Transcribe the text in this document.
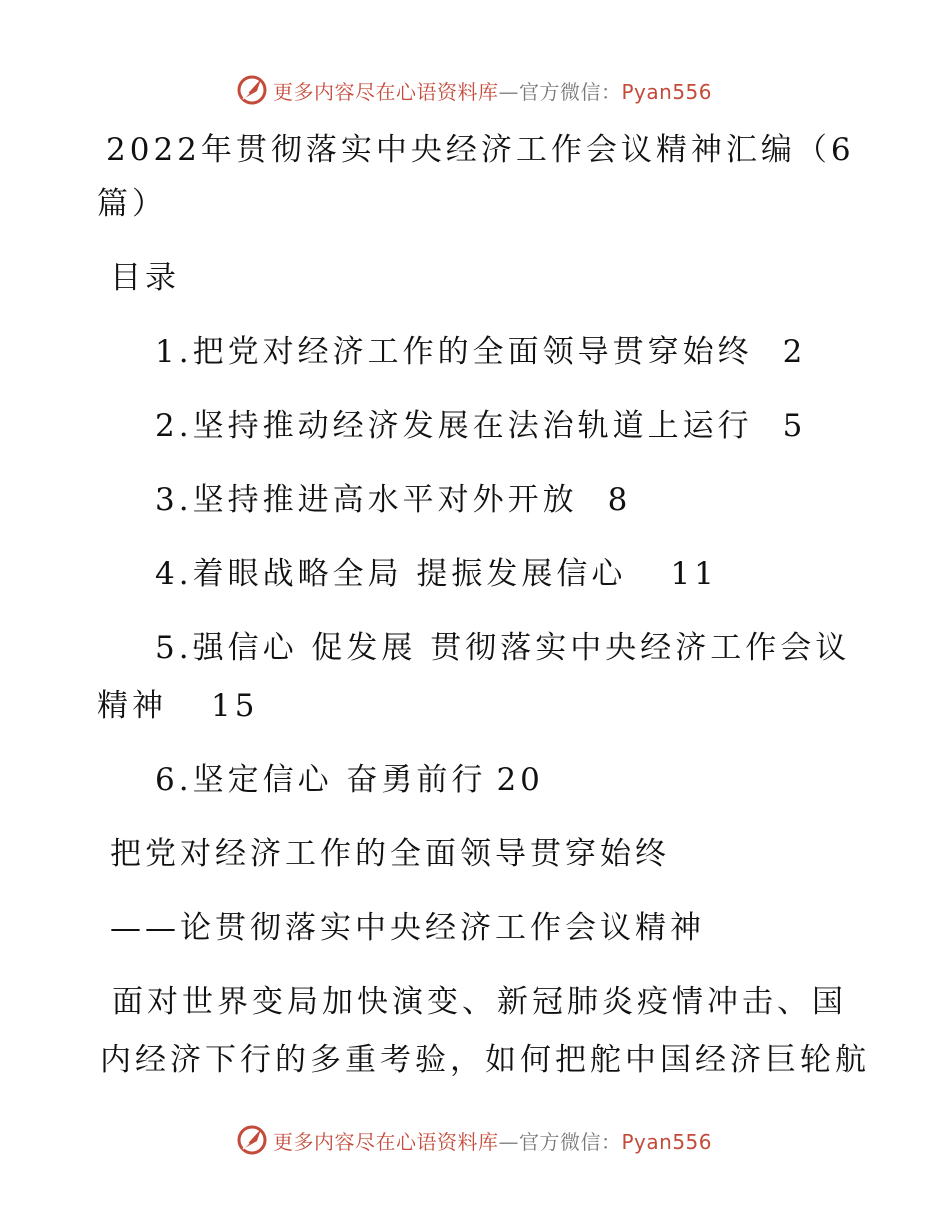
更多内容尽在心语资料库—官方微信：Pyan556
2022年贯彻落实中央经济工作会议精神汇编（6
篇）
目录
1.把党对经济工作的全面领导贯穿始终 2
2.坚持推动经济发展在法治轨道上运行 5
3.坚持推进高水平对外开放 8
4.着眼战略全局 提振发展信心 11
5.强信心 促发展 贯彻落实中央经济工作会议
精神 15
6.坚定信心 奋勇前行 20
把党对经济工作的全面领导贯穿始终
——论贯彻落实中央经济工作会议精神
面对世界变局加快演变、新冠肺炎疫情冲击、国
内经济下行的多重考验，如何把舵中国经济巨轮航
更多内容尽在心语资料库—官方微信：Pyan556
